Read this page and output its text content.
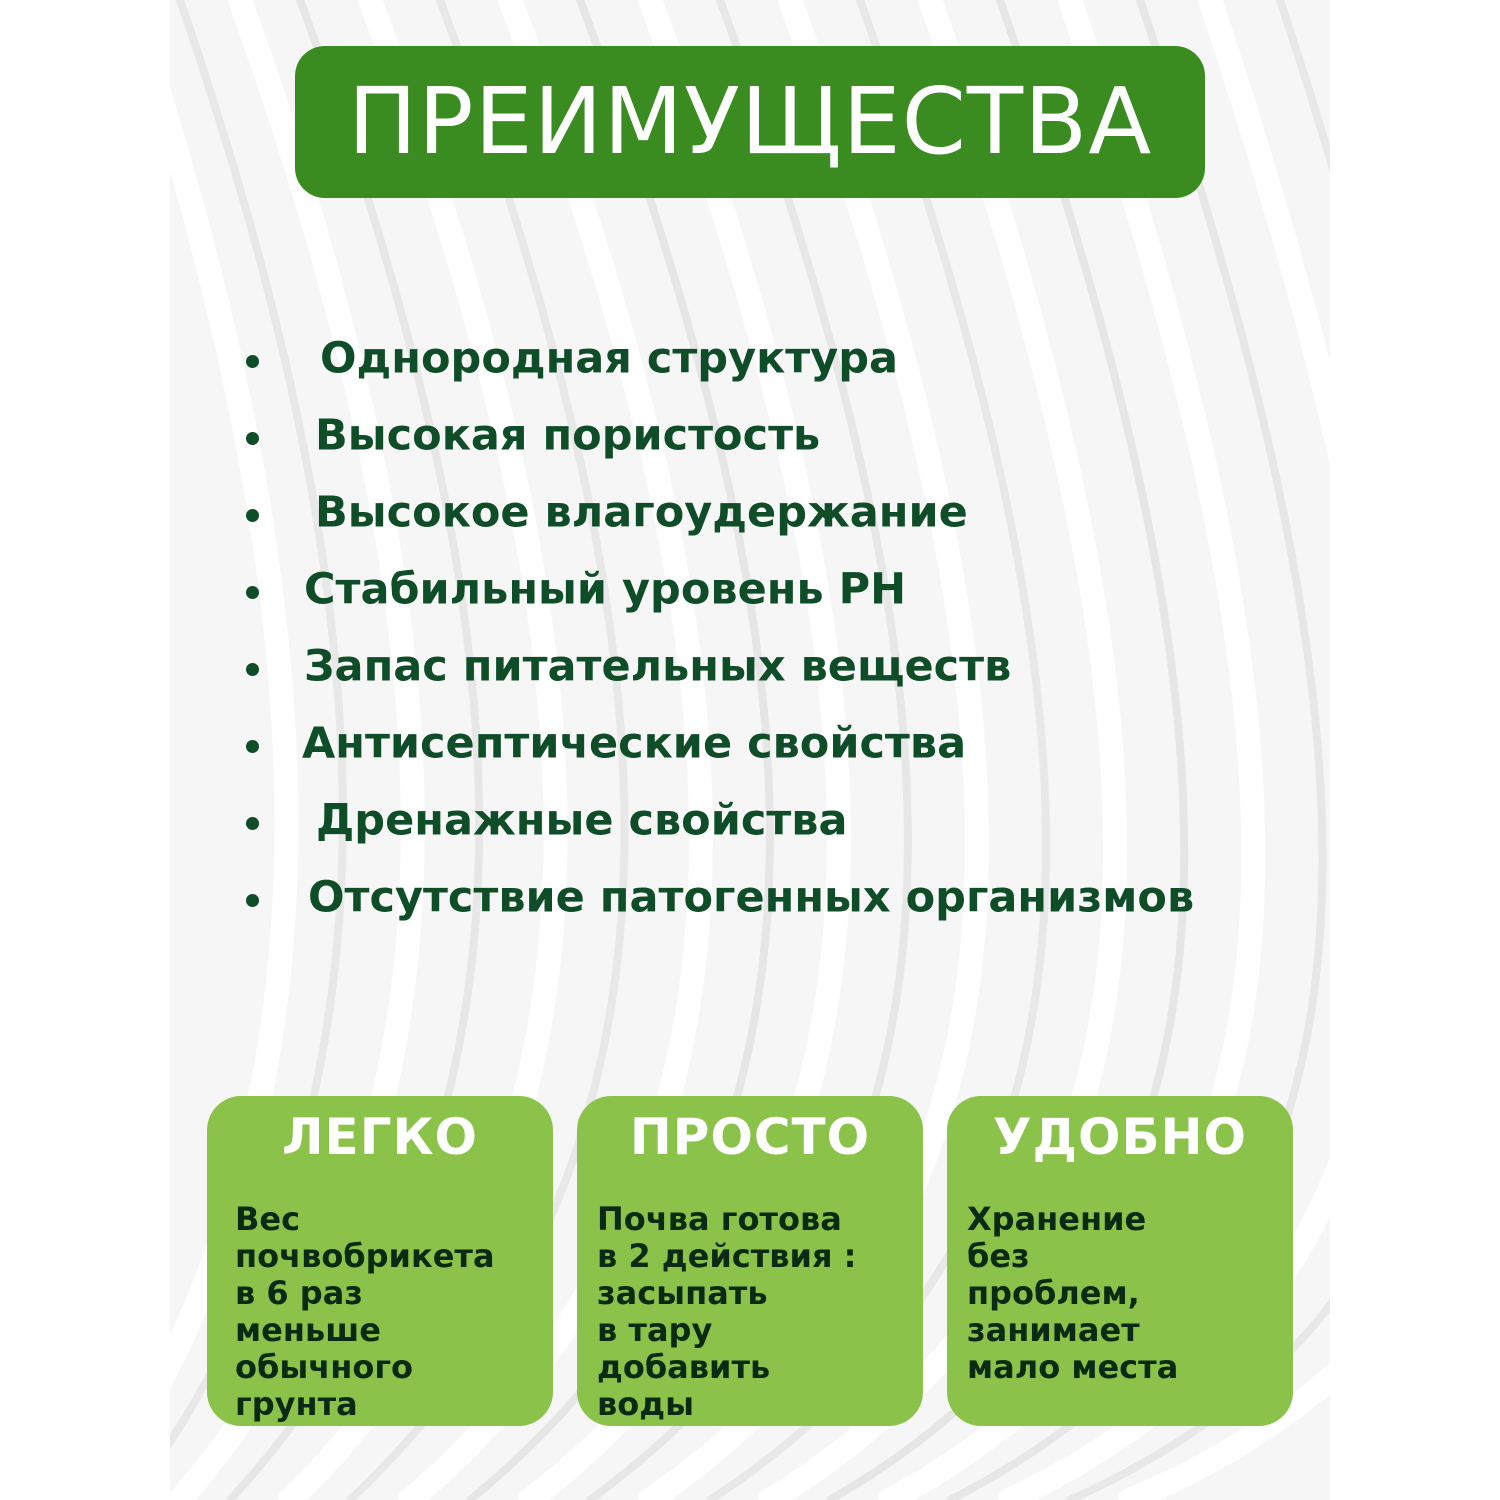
ПРЕИМУЩЕСТВА
Однородная структура
Высокая пористость
Высокое влагоудержание
Стабильный уровень РН
Запас питательных веществ
Антисептические свойства
Дренажные свойства
Отсутствие патогенных организмов
ЛЕГКО
Вес
почвобрикета
в 6 раз
меньше
обычного
грунта
ПРОСТО
Почва готова
в 2 действия :
засыпать
в тару
добавить
воды
УДОБНО
Хранение
без
проблем,
занимает
мало места
